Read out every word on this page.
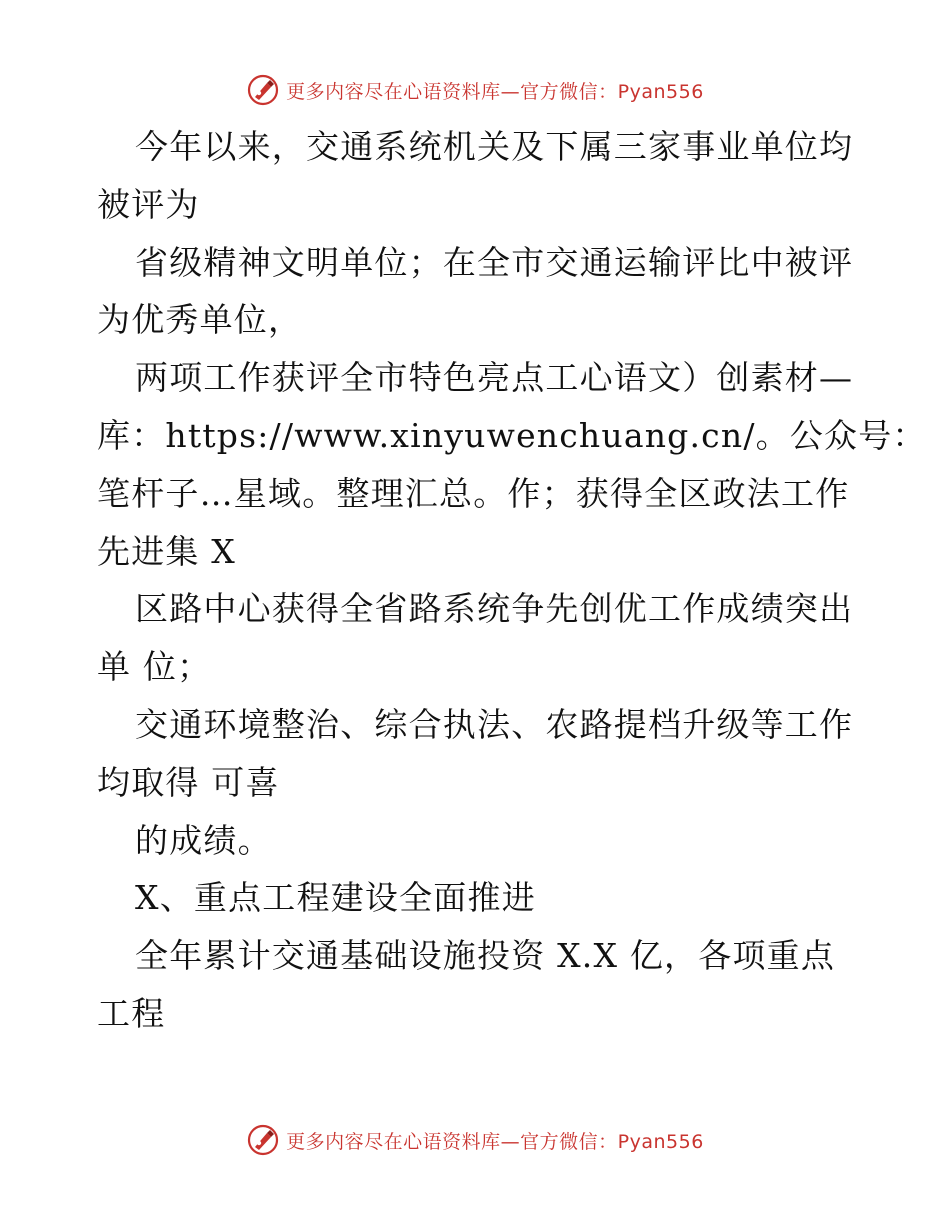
更多内容尽在心语资料库—官方微信：Pyan556
今年以来，交通系统机关及下属三家事业单位均
被评为
省级精神文明单位；在全市交通运输评比中被评
为优秀单位，
两项工作获评全市特色亮点工心语文）创素材—
库：https://www.xinyuwenchuang.cn/。公众号：
笔杆子…星域。整理汇总。作；获得全区政法工作
先进集 X
区路中心获得全省路系统争先创优工作成绩突出
单 位；
交通环境整治、综合执法、农路提档升级等工作
均取得 可喜
的成绩。
X、重点工程建设全面推进
全年累计交通基础设施投资 X.X 亿，各项重点
工程
更多内容尽在心语资料库—官方微信：Pyan556
